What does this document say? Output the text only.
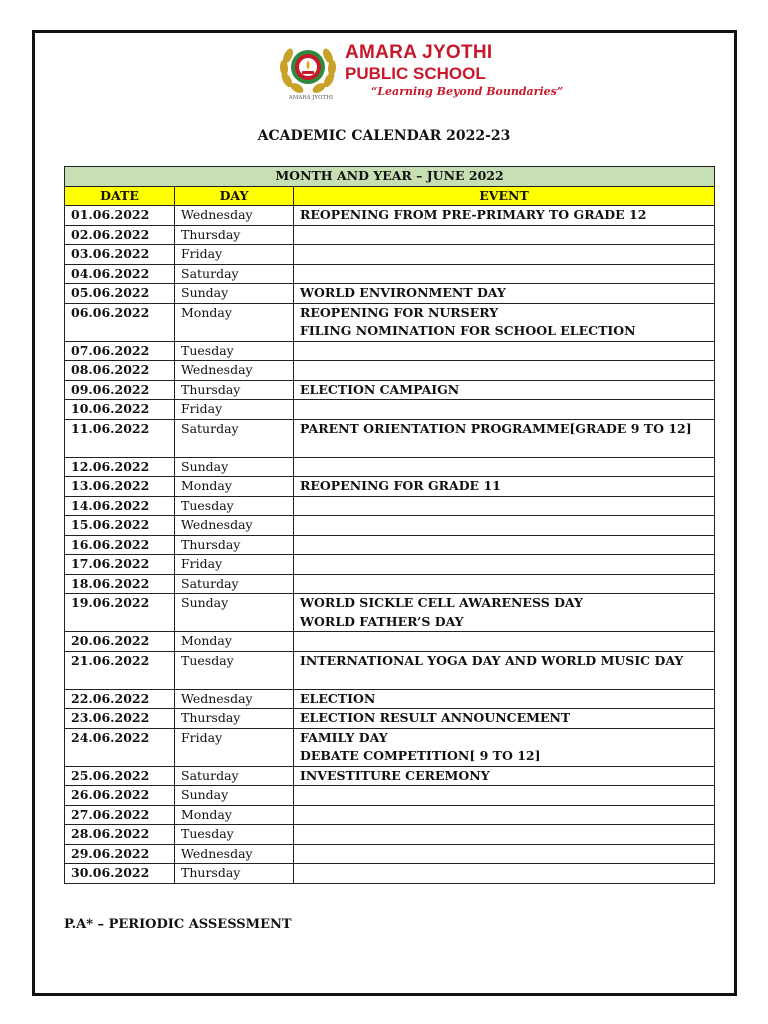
AMARA JYOTHI
AMARA JYOTHI
PUBLIC SCHOOL
“Learning Beyond Boundaries”
ACADEMIC CALENDAR 2022-23
MONTH AND YEAR – JUNE 2022		
DATE	DAY	EVENT
01.06.2022	Wednesday	REOPENING FROM PRE-PRIMARY TO GRADE 12

02.06.2022	Thursday	
03.06.2022	Friday	
04.06.2022	Saturday	
05.06.2022	Sunday	WORLD ENVIRONMENT DAY

06.06.2022	Monday	REOPENING FOR NURSERY
FILING NOMINATION FOR SCHOOL ELECTION

07.06.2022	Tuesday	
08.06.2022	Wednesday	
09.06.2022	Thursday	ELECTION CAMPAIGN

10.06.2022	Friday	
11.06.2022	Saturday	PARENT ORIENTATION PROGRAMME[GRADE 9 TO 12]

12.06.2022	Sunday	
13.06.2022	Monday	REOPENING FOR GRADE 11

14.06.2022	Tuesday	
15.06.2022	Wednesday	
16.06.2022	Thursday	
17.06.2022	Friday	
18.06.2022	Saturday	
19.06.2022	Sunday	WORLD SICKLE CELL AWARENESS DAY
WORLD FATHER’S DAY

20.06.2022	Monday	
21.06.2022	Tuesday	INTERNATIONAL YOGA DAY AND WORLD MUSIC DAY

22.06.2022	Wednesday	ELECTION

23.06.2022	Thursday	ELECTION RESULT ANNOUNCEMENT

24.06.2022	Friday	FAMILY DAY
DEBATE COMPETITION[ 9 TO 12]

25.06.2022	Saturday	INVESTITURE CEREMONY

26.06.2022	Sunday	
27.06.2022	Monday	
28.06.2022	Tuesday	
29.06.2022	Wednesday	
30.06.2022	Thursday	
P.A* – PERIODIC ASSESSMENT
